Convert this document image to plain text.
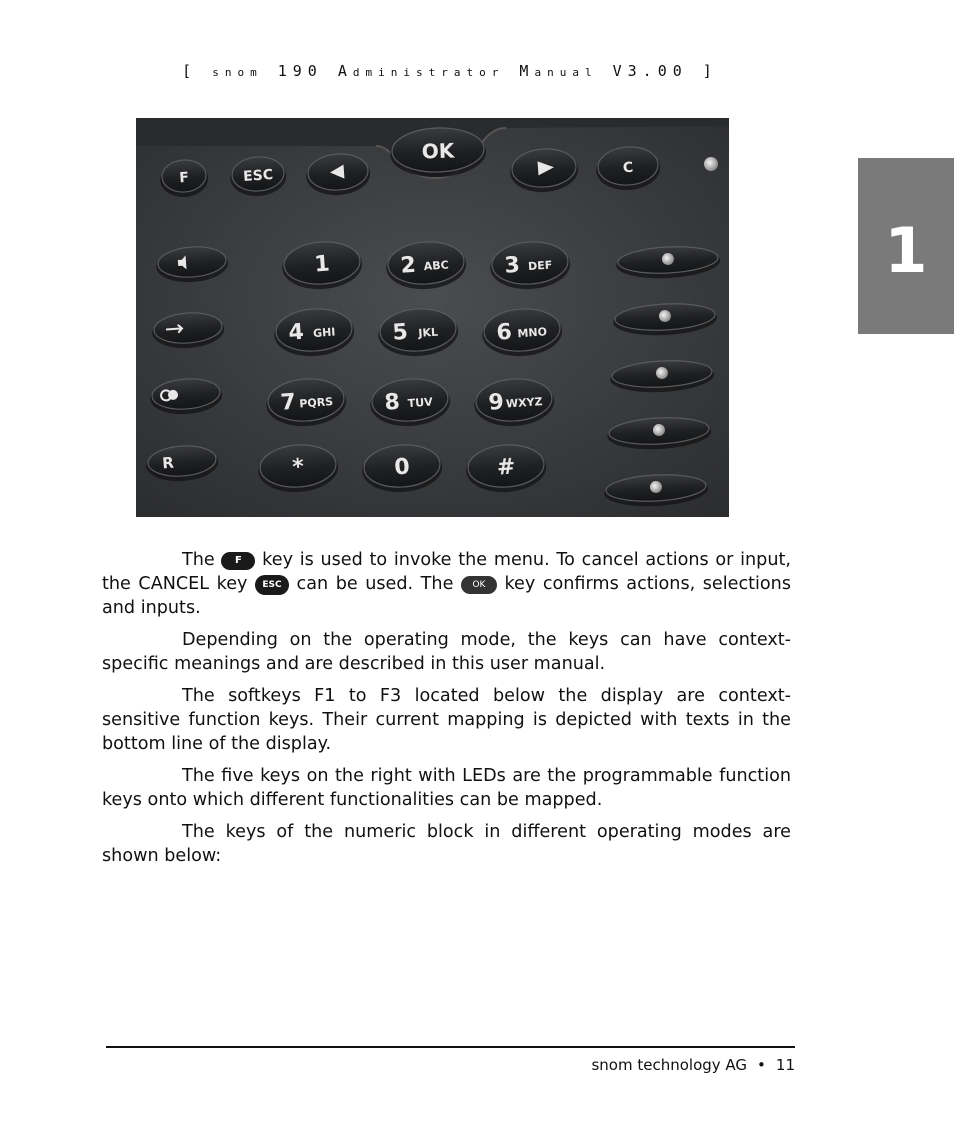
[ snom 190 Administrator Manual V3.00 ]
1
F	ESC
OK
C
1	2 ABC 3 DEF
4 GHI	5 JKL	6 MNO
7 PQRS 8 TUV 9 WXYZ
*	0	#
R

The F key is used to invoke the menu. To cancel actions or input, the CANCEL key ESC can be used. The OK key confirms actions, selections and inputs.

Depending on the operating mode, the keys can have context-specific meanings and are described in this user manual.

The softkeys F1 to F3 located below the display are context-sensitive function keys. Their current mapping is depicted with texts in the bottom line of the display.

The five keys on the right with LEDs are the programmable function keys onto which different functionalities can be mapped.

The keys of the numeric block in different operating modes are shown below:

snom technology AG • 11
